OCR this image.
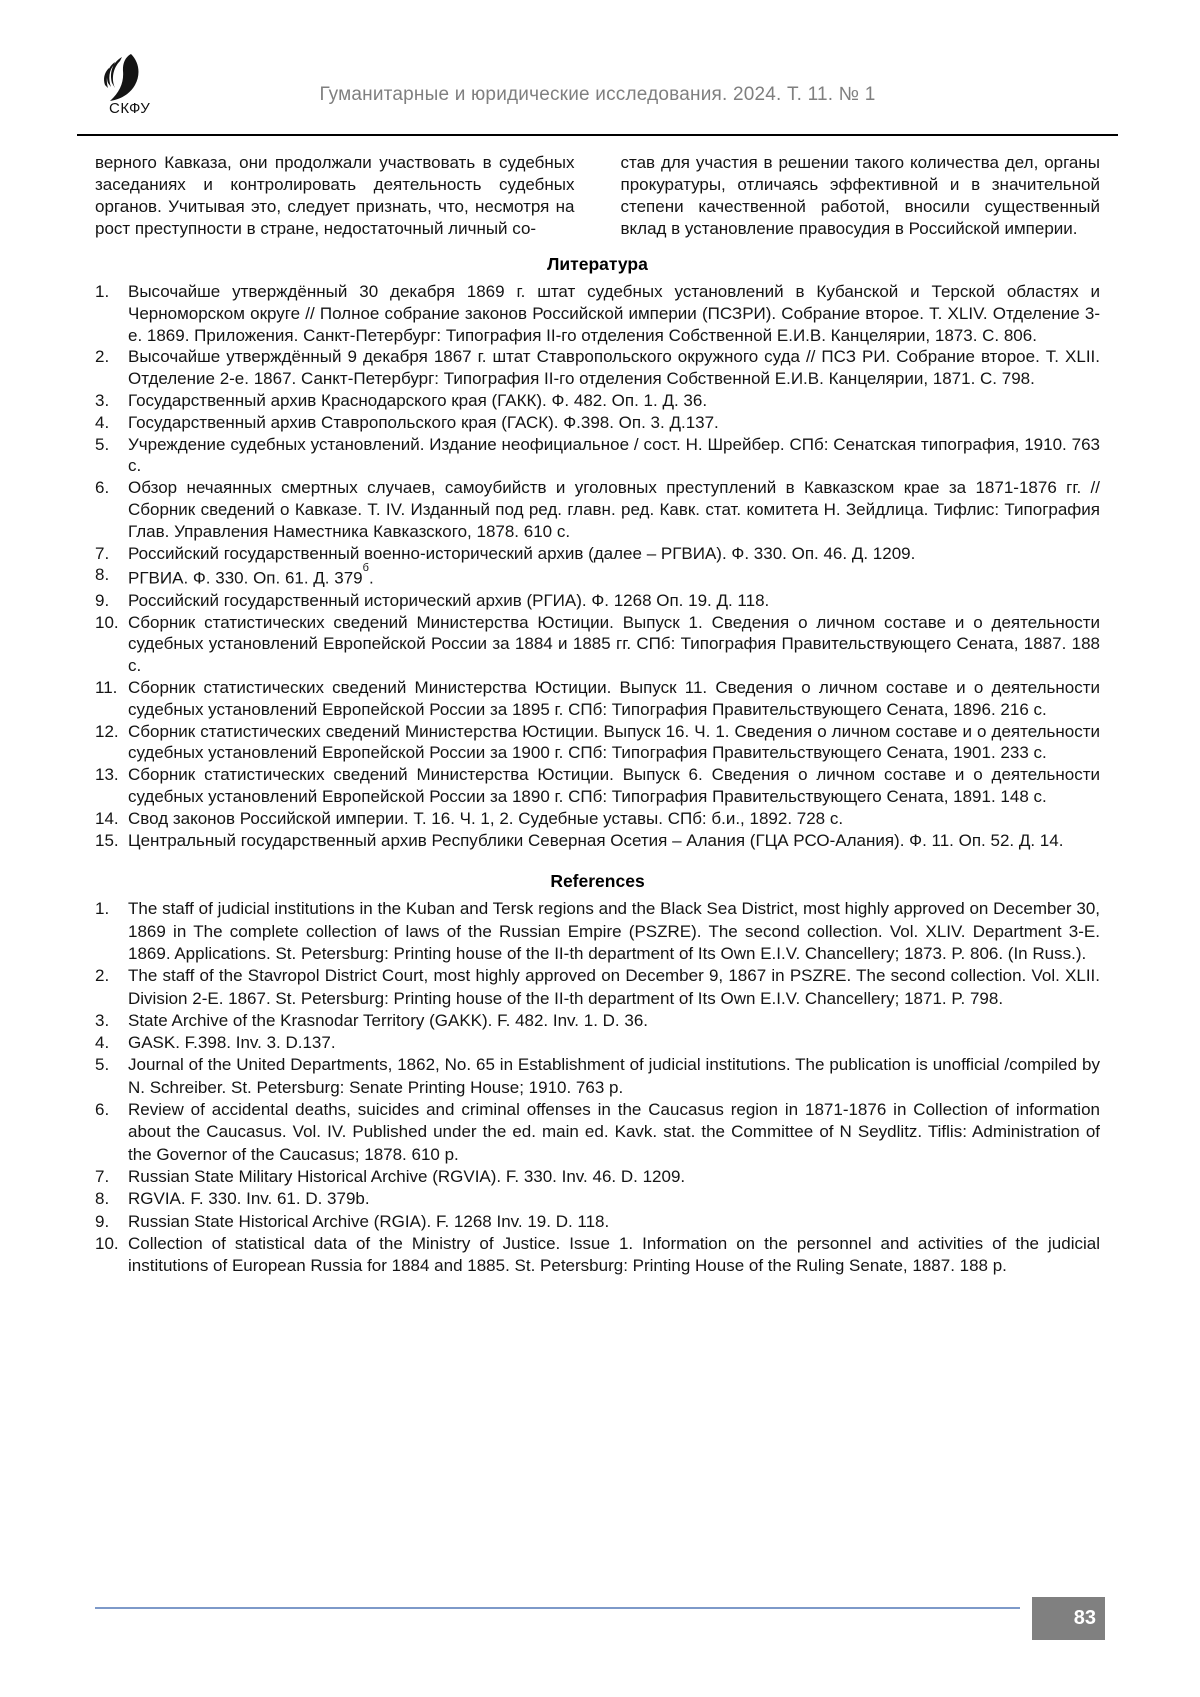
СКФУ
Гуманитарные и юридические исследования. 2024. Т. 11. № 1

верного Кавказа, они продолжали участвовать в судебных заседаниях и контролировать деятельность судебных органов. Учитывая это, следует признать, что, несмотря на рост преступности в стране, недостаточный личный со-

став для участия в решении такого количества дел, органы прокуратуры, отличаясь эффективной и в значительной степени качественной работой, вносили существенный вклад в установление правосудия в Российской империи.

Литература
Высочайше утверждённый 30 декабря 1869 г. штат судебных установлений в Кубанской и Терской областях и Черноморском округе // Полное собрание законов Российской империи (ПСЗРИ). Собрание второе. Т. XLIV. Отделение 3-е. 1869. Приложения. Санкт-Петербург: Типография II-го отделения Собственной Е.И.В. Канцелярии, 1873. С. 806.
Высочайше утверждённый 9 декабря 1867 г. штат Ставропольского окружного суда // ПСЗ РИ. Собрание второе. Т. XLII. Отделение 2-е. 1867. Санкт-Петербург: Типография II-го отделения Собственной Е.И.В. Канцелярии, 1871. С. 798.
Государственный архив Краснодарского края (ГАКК). Ф. 482. Оп. 1. Д. 36.
Государственный архив Ставропольского края (ГАСК). Ф.398. Оп. 3. Д.137.
Учреждение судебных установлений. Издание неофициальное / сост. Н. Шрейбер. СПб: Сенатская типография, 1910. 763 с.
Обзор нечаянных смертных случаев, самоубийств и уголовных преступлений в Кавказском крае за 1871-1876 гг. // Сборник сведений о Кавказе. Т. IV. Изданный под ред. главн. ред. Кавк. стат. комитета Н. Зейдлица. Тифлис: Типография Глав. Управления Наместника Кавказского, 1878. 610 с.
Российский государственный военно-исторический архив (далее – РГВИА). Ф. 330. Оп. 46. Д. 1209.
РГВИА. Ф. 330. Оп. 61. Д. $379^б$.
Российский государственный исторический архив (РГИА). Ф. 1268 Оп. 19. Д. 118.
Сборник статистических сведений Министерства Юстиции. Выпуск 1. Сведения о личном составе и о деятельности судебных установлений Европейской России за 1884 и 1885 гг. СПб: Типография Правительствующего Сената, 1887. 188 с.
Сборник статистических сведений Министерства Юстиции. Выпуск 11. Сведения о личном составе и о деятельности судебных установлений Европейской России за 1895 г. СПб: Типография Правительствующего Сената, 1896. 216 с.
Сборник статистических сведений Министерства Юстиции. Выпуск 16. Ч. 1. Сведения о личном составе и о деятельности судебных установлений Европейской России за 1900 г. СПб: Типография Правительствующего Сената, 1901. 233 с.
Сборник статистических сведений Министерства Юстиции. Выпуск 6. Сведения о личном составе и о деятельности судебных установлений Европейской России за 1890 г. СПб: Типография Правительствующего Сената, 1891. 148 с.
Свод законов Российской империи. Т. 16. Ч. 1, 2. Судебные уставы. СПб: б.и., 1892. 728 с.
Центральный государственный архив Республики Северная Осетия – Алания (ГЦА РСО-Алания). Ф. 11. Оп. 52. Д. 14.
References
The staff of judicial institutions in the Kuban and Tersk regions and the Black Sea District, most highly approved on December 30, 1869 in The complete collection of laws of the Russian Empire (PSZRE). The second collection. Vol. XLIV. Department 3-E. 1869. Applications. St. Petersburg: Printing house of the II-th department of Its Own E.I.V. Chancellery; 1873. P. 806. (In Russ.).
The staff of the Stavropol District Court, most highly approved on December 9, 1867 in PSZRE. The second collection. Vol. XLII. Division 2-E. 1867. St. Petersburg: Printing house of the II-th department of Its Own E.I.V. Chancellery; 1871. P. 798.
State Archive of the Krasnodar Territory (GAKK). F. 482. Inv. 1. D. 36.
GASK. F.398. Inv. 3. D.137.
Journal of the United Departments, 1862, No. 65 in Establishment of judicial institutions. The publication is unofficial /compiled by N. Schreiber. St. Petersburg: Senate Printing House; 1910. 763 p.
Review of accidental deaths, suicides and criminal offenses in the Caucasus region in 1871-1876 in Collection of information about the Caucasus. Vol. IV. Published under the ed. main ed. Kavk. stat. the Committee of N Seydlitz. Tiflis: Administration of the Governor of the Caucasus; 1878. 610 p.
Russian State Military Historical Archive (RGVIA). F. 330. Inv. 46. D. 1209.
RGVIA. F. 330. Inv. 61. D. 379b.
Russian State Historical Archive (RGIA). F. 1268 Inv. 19. D. 118.
Collection of statistical data of the Ministry of Justice. Issue 1. Information on the personnel and activities of the judicial institutions of European Russia for 1884 and 1885. St. Petersburg: Printing House of the Ruling Senate, 1887. 188 p.
83
